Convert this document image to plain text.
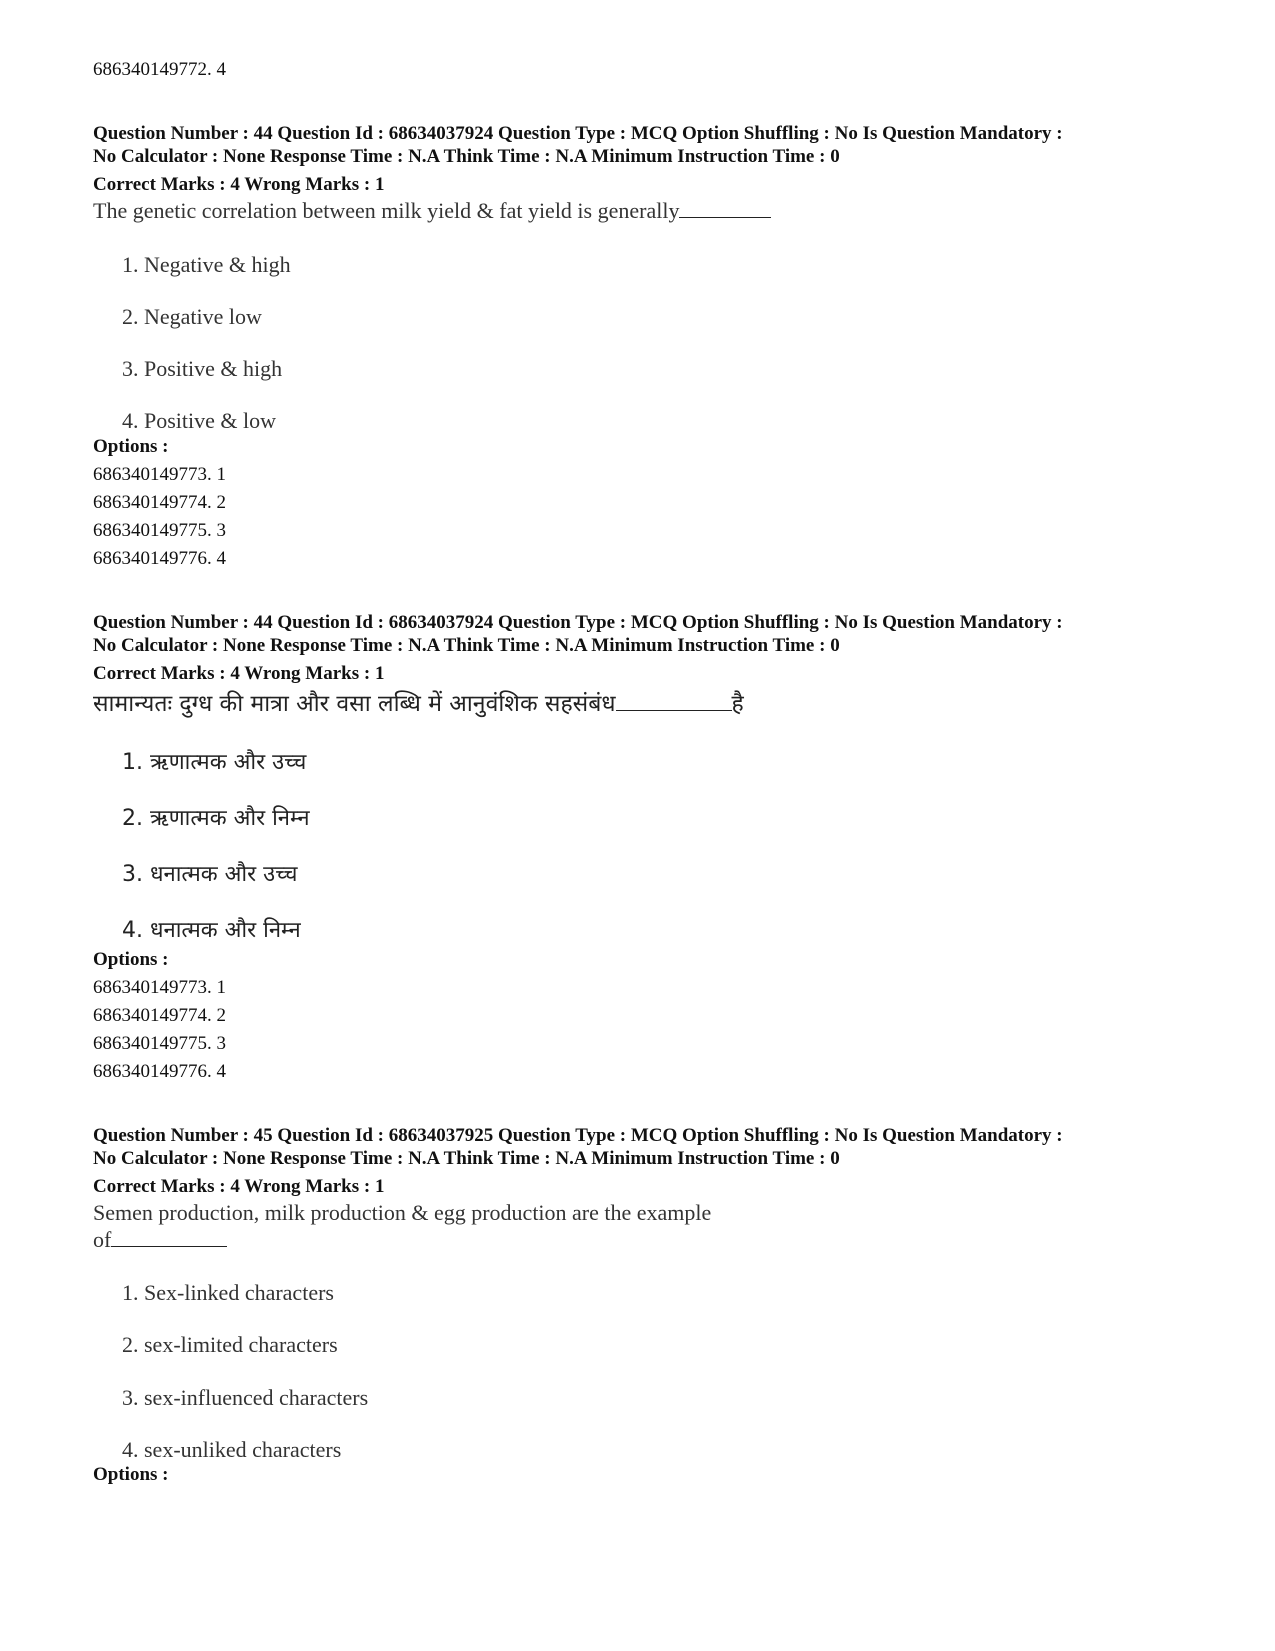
686340149772. 4
Question Number : 44 Question Id : 68634037924 Question Type : MCQ Option Shuffling : No Is Question Mandatory :
No Calculator : None Response Time : N.A Think Time : N.A Minimum Instruction Time : 0
Correct Marks : 4 Wrong Marks : 1
The genetic correlation between milk yield & fat yield is generally
1. Negative & high
2. Negative low
3. Positive & high
4. Positive & low
Options :
686340149773. 1
686340149774. 2
686340149775. 3
686340149776. 4
Question Number : 44 Question Id : 68634037924 Question Type : MCQ Option Shuffling : No Is Question Mandatory :
No Calculator : None Response Time : N.A Think Time : N.A Minimum Instruction Time : 0
Correct Marks : 4 Wrong Marks : 1
सामान्यतः दुग्ध की मात्रा और वसा लब्धि में आनुवंशिक सहसंबंध	है
1. ऋणात्मक और उच्च
2. ऋणात्मक और निम्न
3. धनात्मक और उच्च
4. धनात्मक और निम्न
Options :
686340149773. 1
686340149774. 2
686340149775. 3
686340149776. 4
Question Number : 45 Question Id : 68634037925 Question Type : MCQ Option Shuffling : No Is Question Mandatory :
No Calculator : None Response Time : N.A Think Time : N.A Minimum Instruction Time : 0
Correct Marks : 4 Wrong Marks : 1
Semen production, milk production & egg production are the example
of
1. Sex-linked characters
2. sex-limited characters
3. sex-influenced characters
4. sex-unliked characters
Options :
